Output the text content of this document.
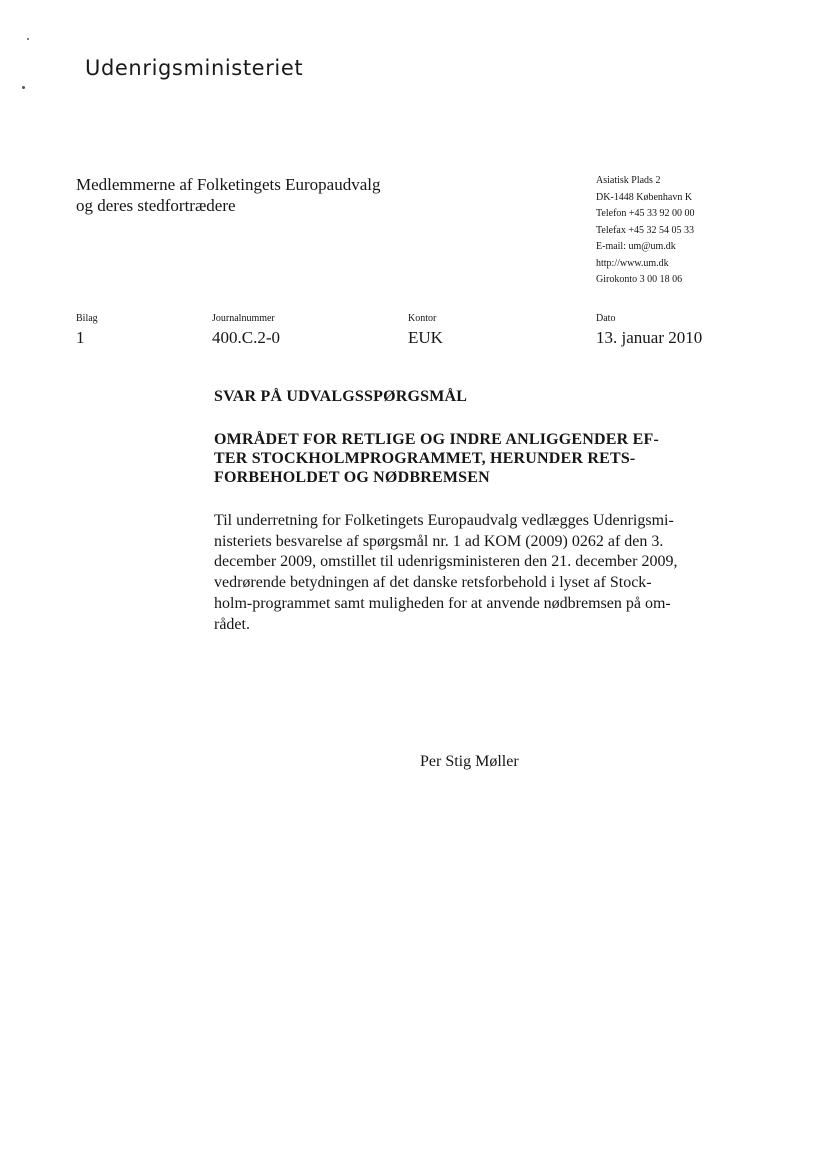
Udenrigsministeriet
Medlemmerne af Folketingets Europaudvalg
og deres stedfortrædere
Asiatisk Plads 2
DK-1448 København K
Telefon +45 33 92 00 00
Telefax +45 32 54 05 33
E-mail: um@um.dk
http://www.um.dk
Girokonto 3 00 18 06
Bilag
1
Journalnummer
400.C.2-0
Kontor
EUK
Dato
13. januar 2010
SVAR PÅ UDVALGSSPØRGSMÅL
OMRÅDET FOR RETLIGE OG INDRE ANLIGGENDER EF-
TER STOCKHOLMPROGRAMMET, HERUNDER RETS-
FORBEHOLDET OG NØDBREMSEN
Til underretning for Folketingets Europaudvalg vedlægges Udenrigsmi-
nisteriets besvarelse af spørgsmål nr. 1 ad KOM (2009) 0262 af den 3.
december 2009, omstillet til udenrigsministeren den 21. december 2009,
vedrørende betydningen af det danske retsforbehold i lyset af Stock-
holm-programmet samt muligheden for at anvende nødbremsen på om-
rådet.
Per Stig Møller
